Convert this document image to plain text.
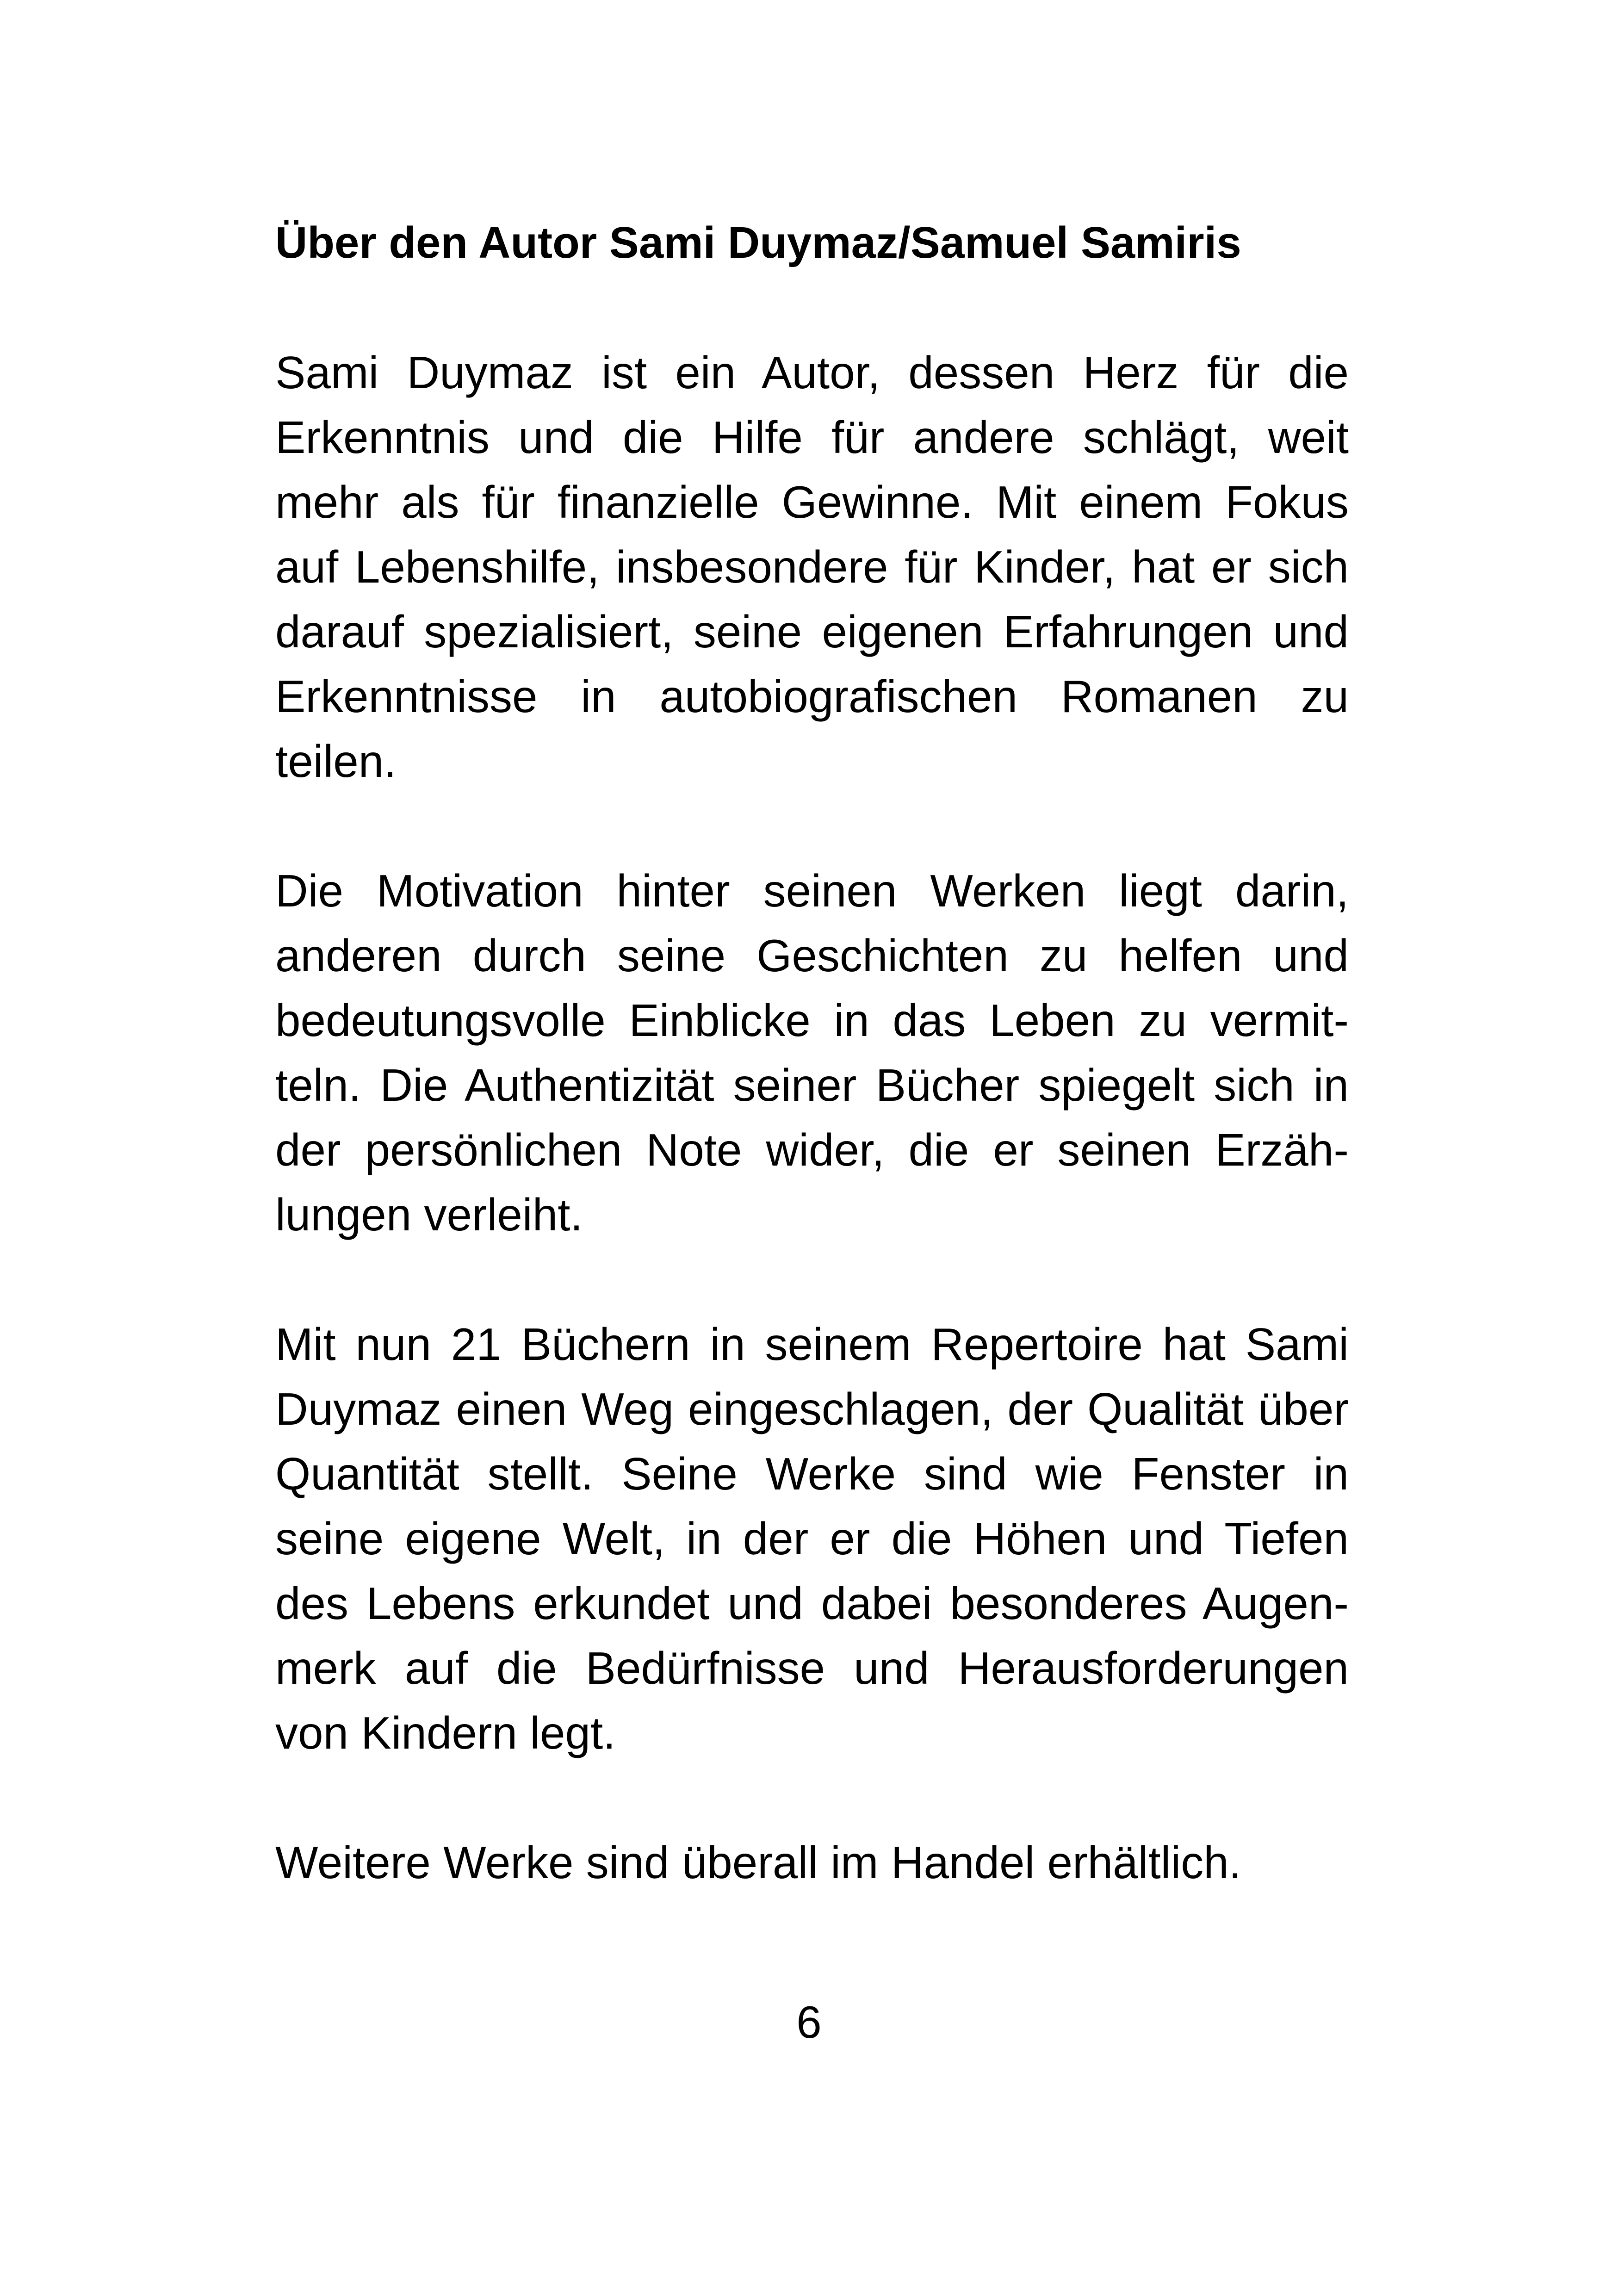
Über den Autor Sami Duymaz/Samuel Samiris

Sami Duymaz ist ein Autor, dessen Herz für die Erkenntnis und die Hilfe für andere schlägt, weit mehr als für finanzielle Gewinne. Mit einem Fokus auf Lebenshilfe, insbesondere für Kinder, hat er sich darauf spezialisiert, seine eigenen Erfahrungen und Erkenntnisse in autobiografischen Romanen zu teilen.

Die Motivation hinter seinen Werken liegt darin, anderen durch seine Geschichten zu helfen und bedeutungsvolle Einblicke in das Leben zu vermitteln. Die Authentizität seiner Bücher spiegelt sich in der persönlichen Note wider, die er seinen Erzählungen verleiht.

Mit nun 21 Büchern in seinem Repertoire hat Sami Duymaz einen Weg eingeschlagen, der Qualität über Quantität stellt. Seine Werke sind wie Fenster in seine eigene Welt, in der er die Höhen und Tiefen des Lebens erkundet und dabei besonderes Augenmerk auf die Bedürfnisse und Herausforderungen von Kindern legt.

Weitere Werke sind überall im Handel erhältlich.

6
